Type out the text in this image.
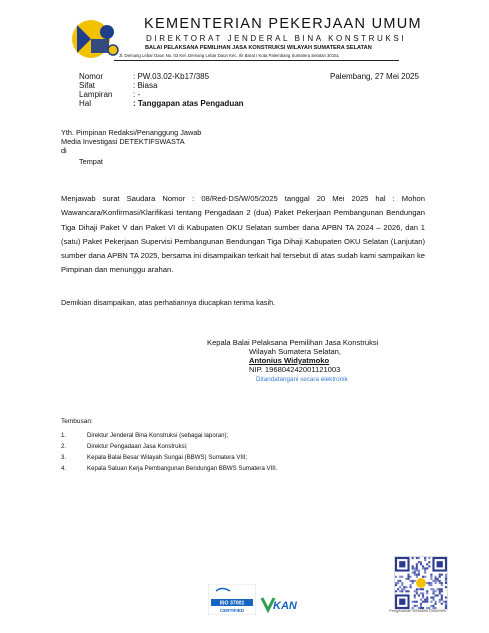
KEMENTERIAN PEKERJAAN UMUM
DIREKTORAT JENDERAL BINA KONSTRUKSI
BALAI PELAKSANA PEMILIHAN JASA KONSTRUKSI WILAYAH SUMATERA SELATAN
Jl. Demang Lebar Daun No. 03 Kel. Demang Lebar Daun Kec. Ilir Barat I Kota Palembang Sumatera Selatan 30151
Nomor	: PW.03.02-Kb17/385
Sifat	: Biasa
Lampiran	: -
Hal	: Tanggapan atas Pengaduan
Palembang, 27 Mei 2025
Yth. Pimpinan Redaksi/Penanggung Jawab
Media Investigasi DETEKTIFSWASTA
di
Tempat

Menjawab surat Saudara Nomor : 08/Red-DS/W/05/2025 tanggal 20 Mei 2025 hal : Mohon Wawancara/Konfirmasi/Klarifikasi tentang Pengadaan 2 (dua) Paket Pekerjaan Pembangunan Bendungan Tiga Dihaji Paket V dan Paket VI di Kabupaten OKU Selatan sumber dana APBN TA 2024 – 2026, dan 1 (satu) Paket Pekerjaan Supervisi Pembangunan Bendungan Tiga Dihaji Kabupaten OKU Selatan (Lanjutan) sumber dana APBN TA 2025, bersama ini disampaikan terkait hal tersebut di atas sudah kami sampaikan ke Pimpinan dan menunggu arahan.

Demikian disampaikan, atas perhatiannya diucapkan terima kasih.
Kepala Balai Pelaksana Pemilihan Jasa Konstruksi
Wilayah Sumatera Selatan,
Antonius Widyatmoko
NIP. 196804242001121003
Ditandatangani secara elektronik
Tembusan:
1.	Direktur Jenderal Bina Konstruksi (sebagai laporan);
2.	Direktur Pengadaan Jasa Konstruksi;
3.	Kepala Balai Besar Wilayah Sungai (BBWS) Sumatera VIII;
4.	Kepala Satuan Kerja Pembangunan Bendungan BBWS Sumatera VIII.
ISO 37001
CERTIFIED	KAN	Pengesahan Keaslian Dokumen
